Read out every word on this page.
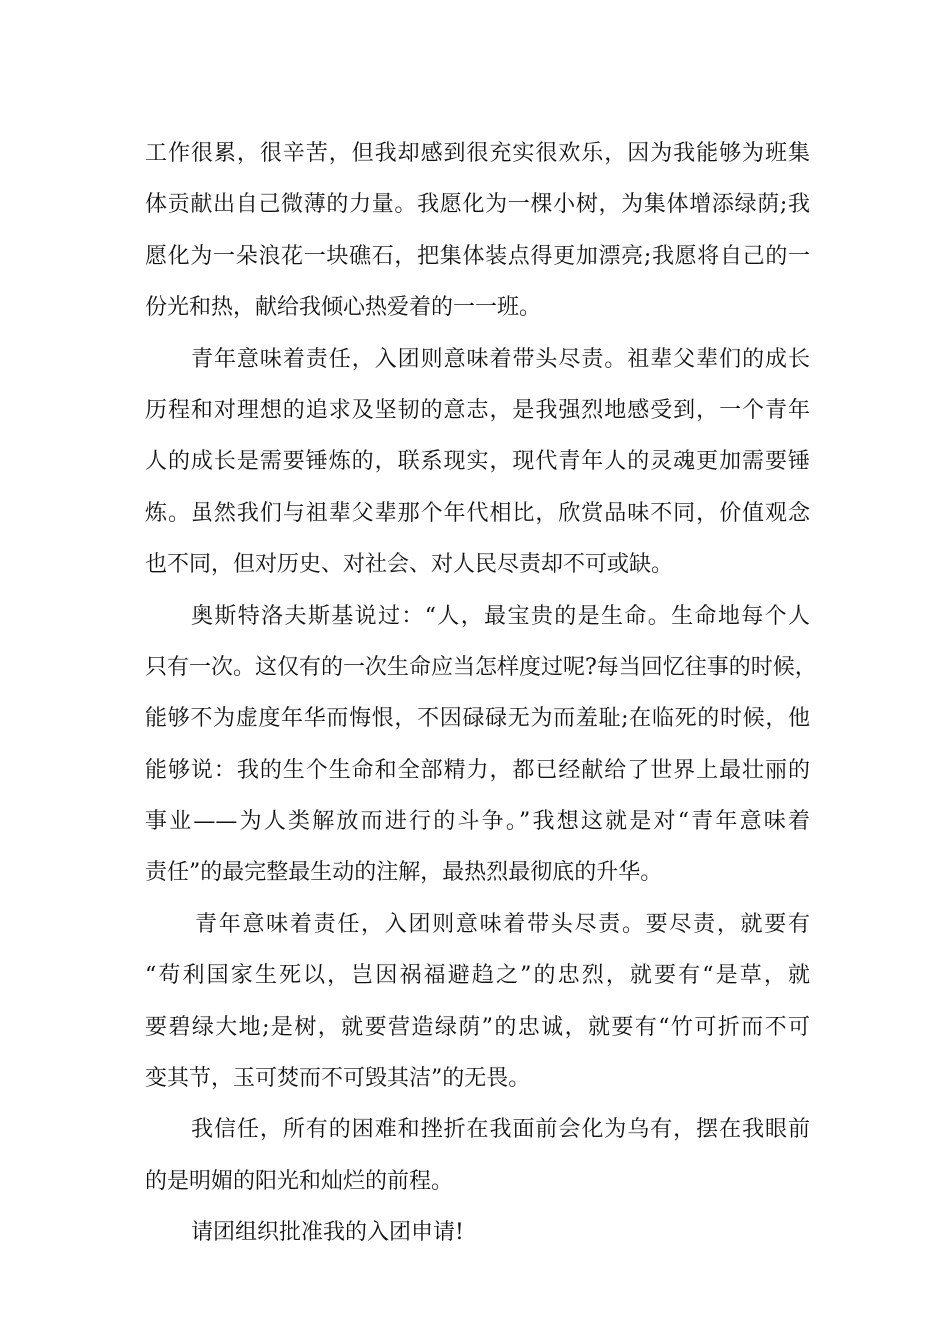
工作很累，很辛苦，但我却感到很充实很欢乐，因为我能够为班集
体贡献出自己微薄的力量。我愿化为一棵小树，为集体增添绿荫;我
愿化为一朵浪花一块礁石，把集体装点得更加漂亮;我愿将自己的一
份光和热，献给我倾心热爱着的一一班。
青年意味着责任，入团则意味着带头尽责。祖辈父辈们的成长
历程和对理想的追求及坚韧的意志，是我强烈地感受到，一个青年
人的成长是需要锤炼的，联系现实，现代青年人的灵魂更加需要锤
炼。虽然我们与祖辈父辈那个年代相比，欣赏品味不同，价值观念
也不同，但对历史、对社会、对人民尽责却不可或缺。
奥斯特洛夫斯基说过：“人，最宝贵的是生命。生命地每个人
只有一次。这仅有的一次生命应当怎样度过呢?每当回忆往事的时候，
能够不为虚度年华而悔恨，不因碌碌无为而羞耻;在临死的时候，他
能够说：我的生个生命和全部精力，都已经献给了世界上最壮丽的
事业——为人类解放而进行的斗争。”我想这就是对“青年意味着
责任”的最完整最生动的注解，最热烈最彻底的升华。
青年意味着责任，入团则意味着带头尽责。要尽责，就要有
“苟利国家生死以，岂因祸福避趋之”的忠烈，就要有“是草，就
要碧绿大地;是树，就要营造绿荫”的忠诚，就要有“竹可折而不可
变其节，玉可焚而不可毁其洁”的无畏。
我信任，所有的困难和挫折在我面前会化为乌有，摆在我眼前
的是明媚的阳光和灿烂的前程。
请团组织批准我的入团申请!
